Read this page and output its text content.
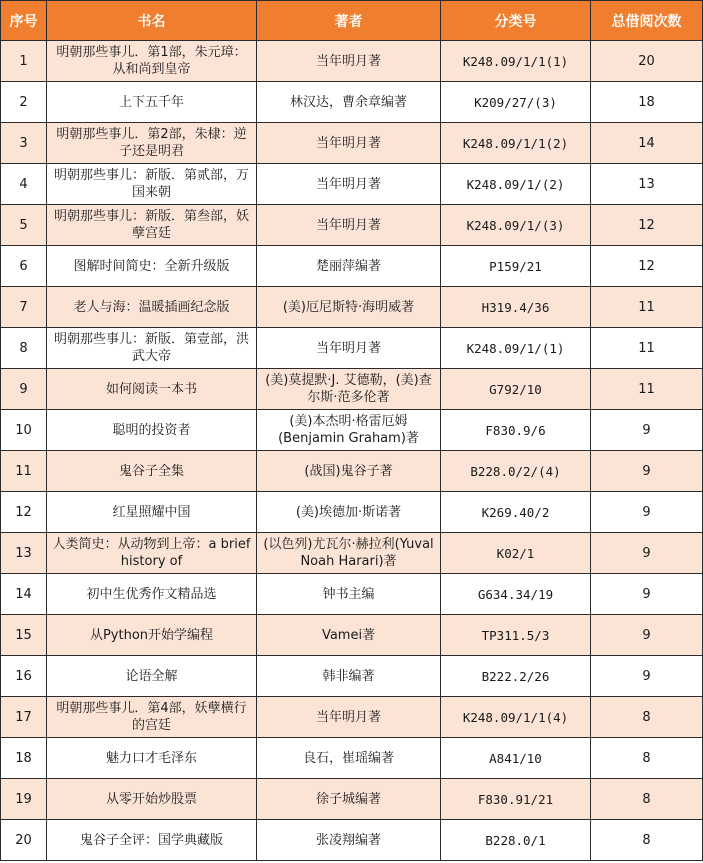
序号	书名	著者	分类号	总借阅次数
1	明朝那些事儿．第1部，朱元璋：从和尚到皇帝	当年明月著	K248.09/1/1(1)	20
2	上下五千年	林汉达，曹余章编著	K209/27/(3)	18
3	明朝那些事儿．第2部，朱棣：逆子还是明君	当年明月著	K248.09/1/1(2)	14
4	明朝那些事儿：新版．第贰部，万国来朝	当年明月著	K248.09/1/(2)	13
5	明朝那些事儿：新版．第叁部，妖孽宫廷	当年明月著	K248.09/1/(3)	12
6	图解时间简史：全新升级版	楚丽萍编著	P159/21	12
7	老人与海：温暖插画纪念版	(美)厄尼斯特·海明威著	H319.4/36	11
8	明朝那些事儿：新版．第壹部，洪武大帝	当年明月著	K248.09/1/(1)	11
9	如何阅读一本书	(美)莫提默·J. 艾德勒，(美)查尔斯·范多伦著	G792/10	11
10	聪明的投资者	(美)本杰明·格雷厄姆(Benjamin Graham)著	F830.9/6	9
11	鬼谷子全集	(战国)鬼谷子著	B228.0/2/(4)	9
12	红星照耀中国	(美)埃德加·斯诺著	K269.40/2	9
13	人类简史：从动物到上帝：a brief history of	(以色列)尤瓦尔·赫拉利(Yuval Noah Harari)著	K02/1	9
14	初中生优秀作文精品选	钟书主编	G634.34/19	9
15	从Python开始学编程	Vamei著	TP311.5/3	9
16	论语全解	韩非编著	B222.2/26	9
17	明朝那些事儿．第4部，妖孽横行的宫廷	当年明月著	K248.09/1/1(4)	8
18	魅力口才毛泽东	良石，崔瑶编著	A841/10	8
19	从零开始炒股票	徐子城编著	F830.91/21	8
20	鬼谷子全评：国学典藏版	张凌翔编著	B228.0/1	8
